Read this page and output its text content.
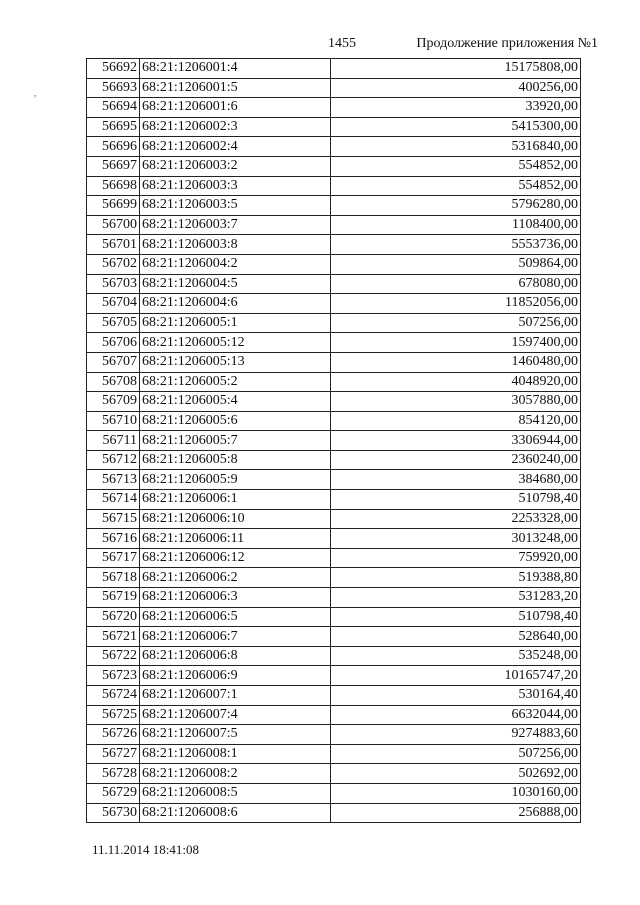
1455	Продолжение приложения №1
,
56692	68:21:1206001:4	15175808,00
56693	68:21:1206001:5	400256,00
56694	68:21:1206001:6	33920,00
56695	68:21:1206002:3	5415300,00
56696	68:21:1206002:4	5316840,00
56697	68:21:1206003:2	554852,00
56698	68:21:1206003:3	554852,00
56699	68:21:1206003:5	5796280,00
56700	68:21:1206003:7	1108400,00
56701	68:21:1206003:8	5553736,00
56702	68:21:1206004:2	509864,00
56703	68:21:1206004:5	678080,00
56704	68:21:1206004:6	11852056,00
56705	68:21:1206005:1	507256,00
56706	68:21:1206005:12	1597400,00
56707	68:21:1206005:13	1460480,00
56708	68:21:1206005:2	4048920,00
56709	68:21:1206005:4	3057880,00
56710	68:21:1206005:6	854120,00
56711	68:21:1206005:7	3306944,00
56712	68:21:1206005:8	2360240,00
56713	68:21:1206005:9	384680,00
56714	68:21:1206006:1	510798,40
56715	68:21:1206006:10	2253328,00
56716	68:21:1206006:11	3013248,00
56717	68:21:1206006:12	759920,00
56718	68:21:1206006:2	519388,80
56719	68:21:1206006:3	531283,20
56720	68:21:1206006:5	510798,40
56721	68:21:1206006:7	528640,00
56722	68:21:1206006:8	535248,00
56723	68:21:1206006:9	10165747,20
56724	68:21:1206007:1	530164,40
56725	68:21:1206007:4	6632044,00
56726	68:21:1206007:5	9274883,60
56727	68:21:1206008:1	507256,00
56728	68:21:1206008:2	502692,00
56729	68:21:1206008:5	1030160,00
56730	68:21:1206008:6	256888,00
11.11.2014 18:41:08
